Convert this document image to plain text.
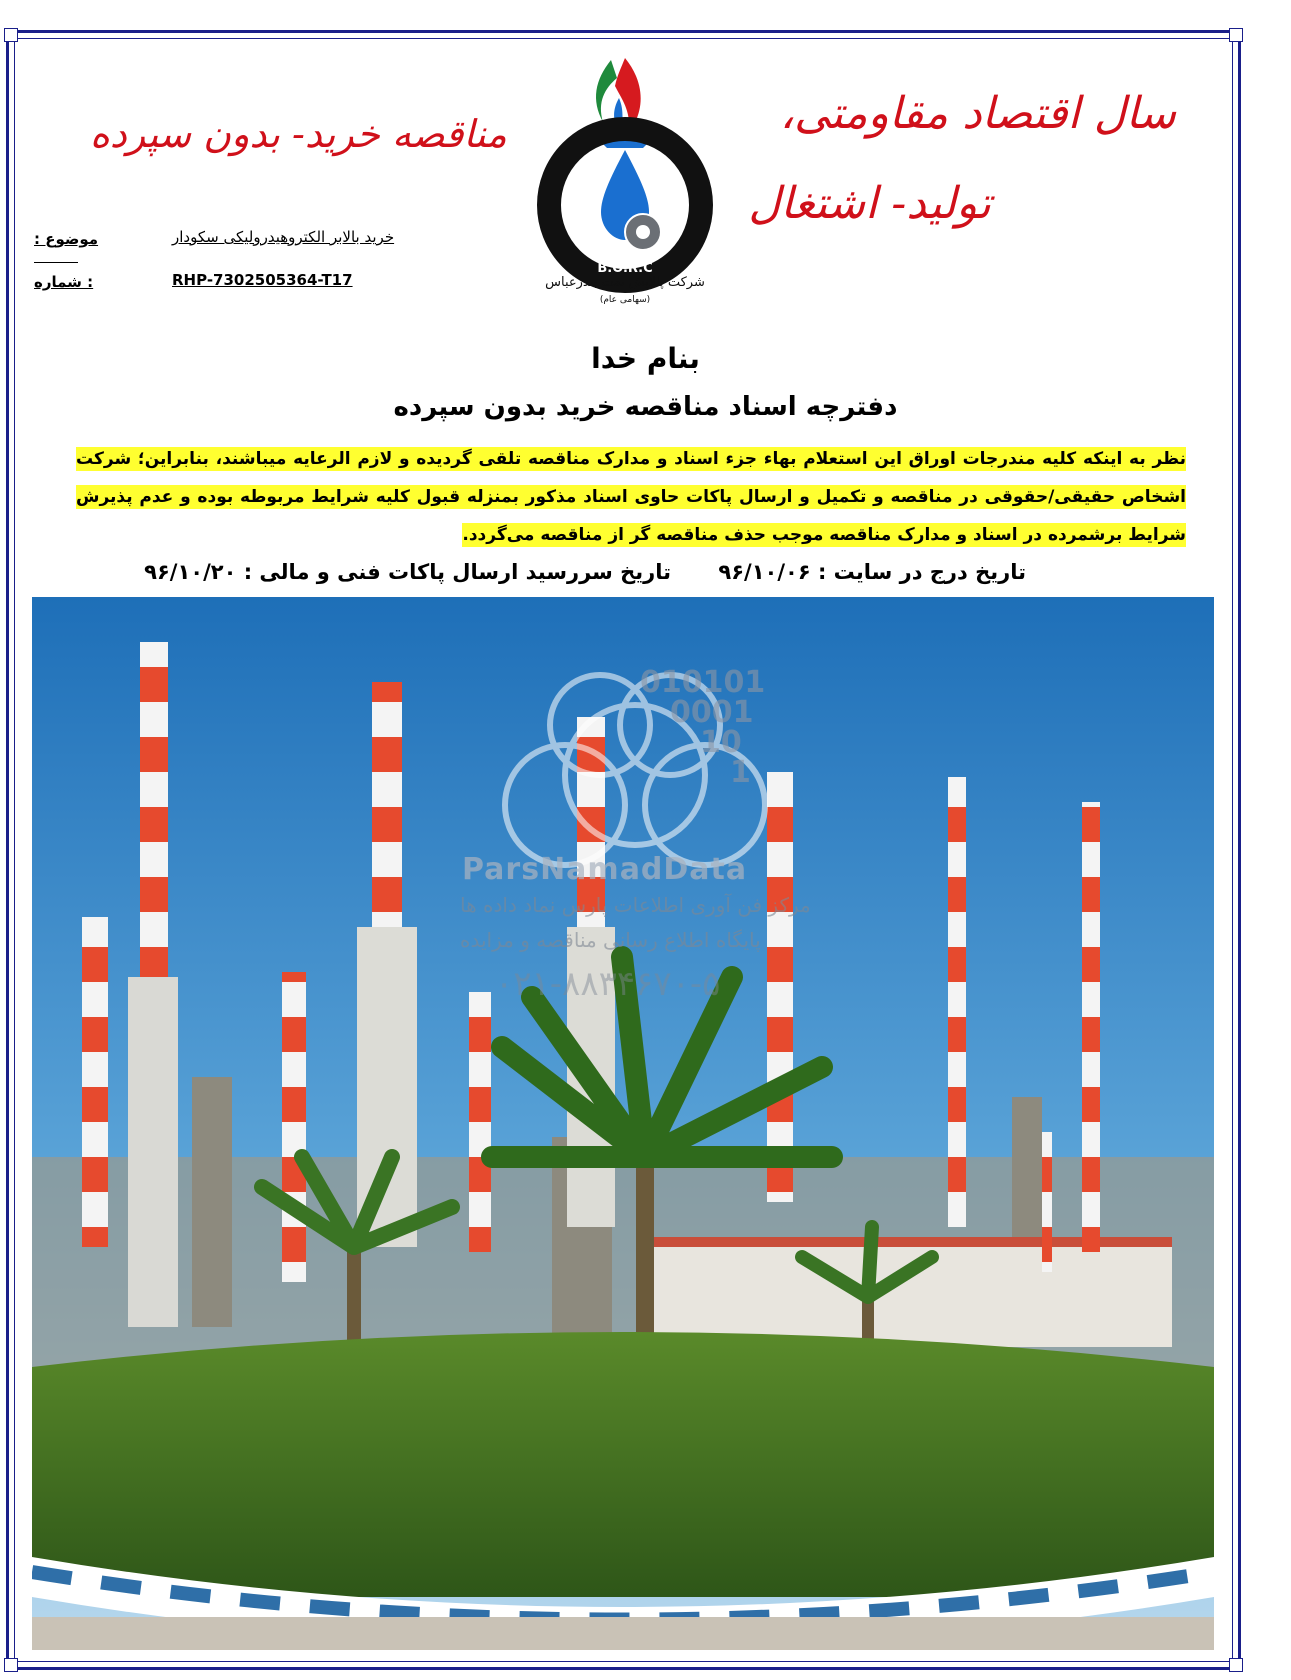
سال اقتصاد مقاومتی،
تولید- اشتغال
مناقصه خرید- بدون سپرده
موضوع :	خرید بالابر الکتروهیدرولیکی سکودار
: شماره	RHP-7302505364-T17
B.O.R.C
شرکت پالایش نفت بندرعباس
(سهامی عام)
بنام خدا
دفترچه اسناد مناقصه خرید بدون سپرده
نظر به اینکه کلیه مندرجات اوراق این استعلام بهاء جزء اسناد و مدارک مناقصه تلقی گردیده و لازم الرعایه میباشند، بنابراین؛ شرکت اشخاص حقیقی/حقوقی در مناقصه و تکمیل و ارسال پاکات حاوی اسناد مذکور بمنزله قبول کلیه شرایط مربوطه بوده و عدم پذیرش شرایط برشمرده در اسناد و مدارک مناقصه موجب حذف مناقصه گر از مناقصه می‌گردد.
تاریخ درج در سایت : ۹۶/۱۰/۰۶
تاریخ سررسید ارسال پاکات فنی و مالی : ۹۶/۱۰/۲۰
010101
0001
10
1
ParsNamadData
مرکز فن آوری اطلاعات پارس نماد داده ها
پایگاه اطلاع رسانی مناقصه و مزایده
۰۲۱-۸۸۳۴۶۷۰-۵
